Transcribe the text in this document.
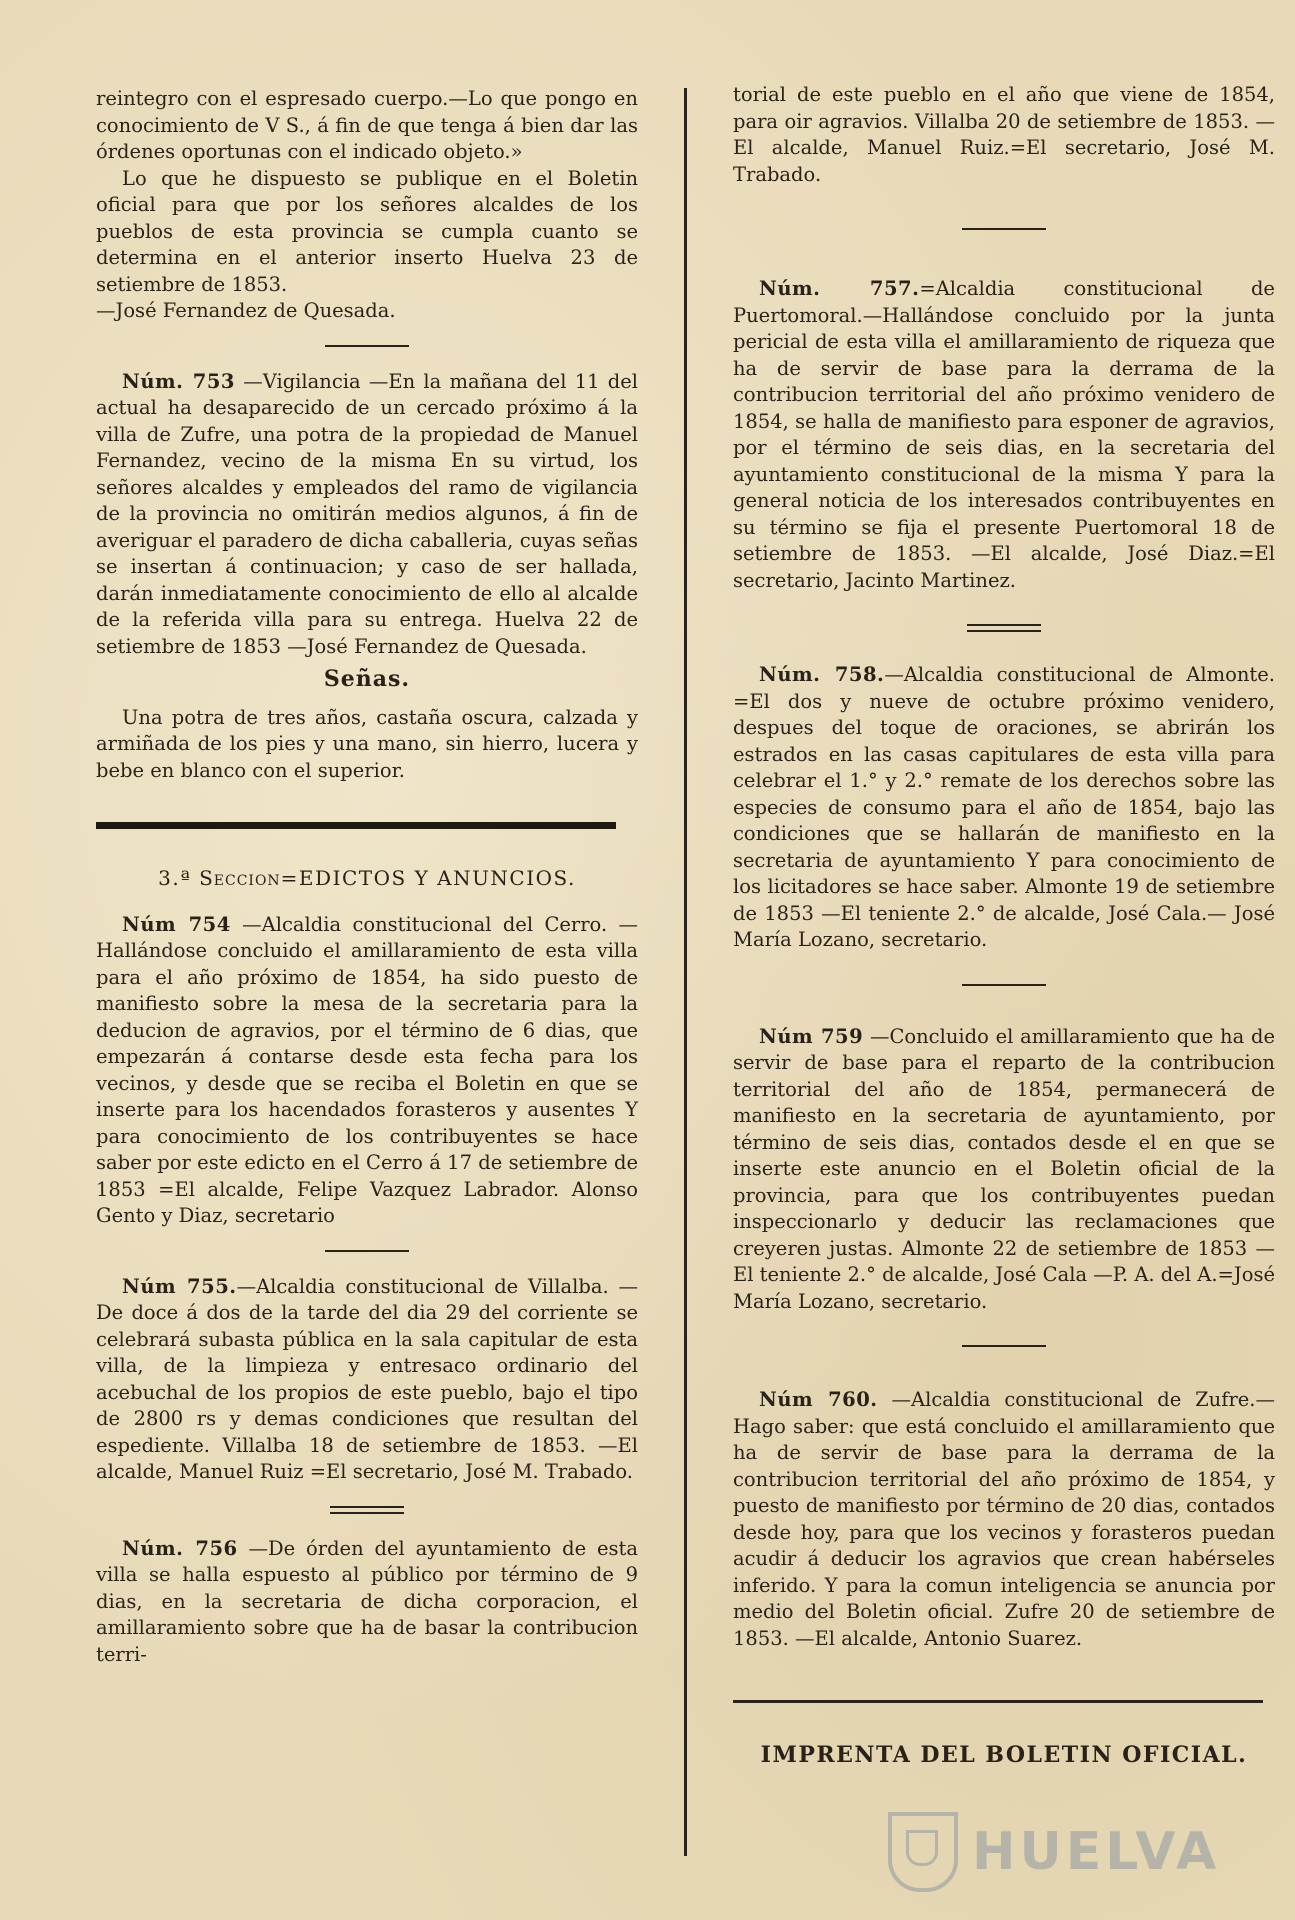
reintegro con el espresado cuerpo.—Lo que pongo en conocimiento de V S., á fin de que tenga á bien dar las órdenes oportunas con el indicado objeto.»

Lo que he dispuesto se publique en el Boletin oficial para que por los señores alcaldes de los pueblos de esta provincia se cumpla cuanto se determina en el anterior inserto Huelva 23 de setiembre de 1853.
—José Fernandez de Quesada.

Núm. 753 —Vigilancia —En la mañana del 11 del actual ha desaparecido de un cercado próximo á la villa de Zufre, una potra de la propiedad de Manuel Fernandez, vecino de la misma En su virtud, los señores alcaldes y empleados del ramo de vigilancia de la provincia no omitirán medios algunos, á fin de averiguar el paradero de dicha caballeria, cuyas señas se insertan á continuacion; y caso de ser hallada, darán inmediatamente conocimiento de ello al alcalde de la referida villa para su entrega. Huelva 22 de setiembre de 1853 —José Fernandez de Quesada.

Señas.

Una potra de tres años, castaña oscura, calzada y armiñada de los pies y una mano, sin hierro, lucera y bebe en blanco con el superior.

3.ª Seccion=EDICTOS Y ANUNCIOS.

Núm 754 —Alcaldia constitucional del Cerro. —Hallándose concluido el amillaramiento de esta villa para el año próximo de 1854, ha sido puesto de manifiesto sobre la mesa de la secretaria para la deducion de agravios, por el término de 6 dias, que empezarán á contarse desde esta fecha para los vecinos, y desde que se reciba el Boletin en que se inserte para los hacendados forasteros y ausentes Y para conocimiento de los contribuyentes se hace saber por este edicto en el Cerro á 17 de setiembre de 1853 =El alcalde, Felipe Vazquez Labrador. Alonso Gento y Diaz, secretario

Núm 755.—Alcaldia constitucional de Villalba. —De doce á dos de la tarde del dia 29 del corriente se celebrará subasta pública en la sala capitular de esta villa, de la limpieza y entresaco ordinario del acebuchal de los propios de este pueblo, bajo el tipo de 2800 rs y demas condiciones que resultan del espediente. Villalba 18 de setiembre de 1853. —El alcalde, Manuel Ruiz =El secretario, José M. Trabado.

Núm. 756 —De órden del ayuntamiento de esta villa se halla espuesto al público por término de 9 dias, en la secretaria de dicha corporacion, el amillaramiento sobre que ha de basar la contribucion terri-

torial de este pueblo en el año que viene de 1854, para oir agravios. Villalba 20 de setiembre de 1853. — El alcalde, Manuel Ruiz.=El secretario, José M. Trabado.

Núm. 757.=Alcaldia constitucional de Puertomoral.—Hallándose concluido por la junta pericial de esta villa el amillaramiento de riqueza que ha de servir de base para la derrama de la contribucion territorial del año próximo venidero de 1854, se halla de manifiesto para esponer de agravios, por el término de seis dias, en la secretaria del ayuntamiento constitucional de la misma Y para la general noticia de los interesados contribuyentes en su término se fija el presente Puertomoral 18 de setiembre de 1853. —El alcalde, José Diaz.=El secretario, Jacinto Martinez.

Núm. 758.—Alcaldia constitucional de Almonte. =El dos y nueve de octubre próximo venidero, despues del toque de oraciones, se abrirán los estrados en las casas capitulares de esta villa para celebrar el 1.° y 2.° remate de los derechos sobre las especies de consumo para el año de 1854, bajo las condiciones que se hallarán de manifiesto en la secretaria de ayuntamiento Y para conocimiento de los licitadores se hace saber. Almonte 19 de setiembre de 1853 —El teniente 2.° de alcalde, José Cala.— José María Lozano, secretario.

Núm 759 —Concluido el amillaramiento que ha de servir de base para el reparto de la contribucion territorial del año de 1854, permanecerá de manifiesto en la secretaria de ayuntamiento, por término de seis dias, contados desde el en que se inserte este anuncio en el Boletin oficial de la provincia, para que los contribuyentes puedan inspeccionarlo y deducir las reclamaciones que creyeren justas. Almonte 22 de setiembre de 1853 —El teniente 2.° de alcalde, José Cala —P. A. del A.=José María Lozano, secretario.

Núm 760. —Alcaldia constitucional de Zufre.— Hago saber: que está concluido el amillaramiento que ha de servir de base para la derrama de la contribucion territorial del año próximo de 1854, y puesto de manifiesto por término de 20 dias, contados desde hoy, para que los vecinos y forasteros puedan acudir á deducir los agravios que crean habérseles inferido. Y para la comun inteligencia se anuncia por medio del Boletin oficial. Zufre 20 de setiembre de 1853. —El alcalde, Antonio Suarez.

IMPRENTA DEL BOLETIN OFICIAL.
HUELVA
